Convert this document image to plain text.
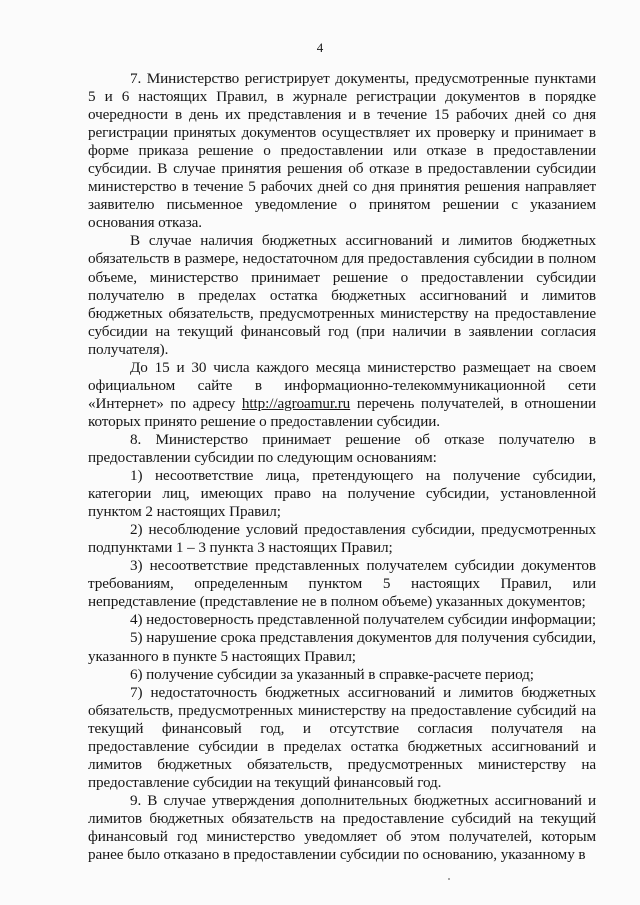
4

7. Министерство регистрирует документы, предусмотренные пунктами 5 и 6 настоящих Правил, в журнале регистрации документов в порядке очередности в день их представления и в течение 15 рабочих дней со дня регистрации принятых документов осуществляет их проверку и принимает в форме приказа решение о предоставлении или отказе в предоставлении субсидии. В случае принятия решения об отказе в предоставлении субсидии министерство в течение 5 рабочих дней со дня принятия решения направляет заявителю письменное уведомление о принятом решении с указанием основания отказа.

В случае наличия бюджетных ассигнований и лимитов бюджетных обязательств в размере, недостаточном для предоставления субсидии в полном объеме, министерство принимает решение о предоставлении субсидии получателю в пределах остатка бюджетных ассигнований и лимитов бюджетных обязательств, предусмотренных министерству на предоставление субсидии на текущий финансовый год (при наличии в заявлении согласия получателя).

До 15 и 30 числа каждого месяца министерство размещает на своем официальном сайте в информационно-телекоммуникационной сети «Интернет» по адресу http://agroamur.ru перечень получателей, в отношении которых принято решение о предоставлении субсидии.

8. Министерство принимает решение об отказе получателю в предоставлении субсидии по следующим основаниям:

1) несоответствие лица, претендующего на получение субсидии, категории лиц, имеющих право на получение субсидии, установленной пунктом 2 настоящих Правил;

2) несоблюдение условий предоставления субсидии, предусмотренных подпунктами 1 – 3 пункта 3 настоящих Правил;

3) несоответствие представленных получателем субсидии документов требованиям, определенным пунктом 5 настоящих Правил, или непредставление (представление не в полном объеме) указанных документов;

4) недостоверность представленной получателем субсидии информации;

5) нарушение срока представления документов для получения субсидии, указанного в пункте 5 настоящих Правил;

6) получение субсидии за указанный в справке-расчете период;

7) недостаточность бюджетных ассигнований и лимитов бюджетных обязательств, предусмотренных министерству на предоставление субсидий на текущий финансовый год, и отсутствие согласия получателя на предоставление субсидии в пределах остатка бюджетных ассигнований и лимитов бюджетных обязательств, предусмотренных министерству на предоставление субсидии на текущий финансовый год.

9. В случае утверждения дополнительных бюджетных ассигнований и лимитов бюджетных обязательств на предоставление субсидий на текущий финансовый год министерство уведомляет об этом получателей, которым ранее было отказано в предоставлении субсидии по основанию, указанному в
